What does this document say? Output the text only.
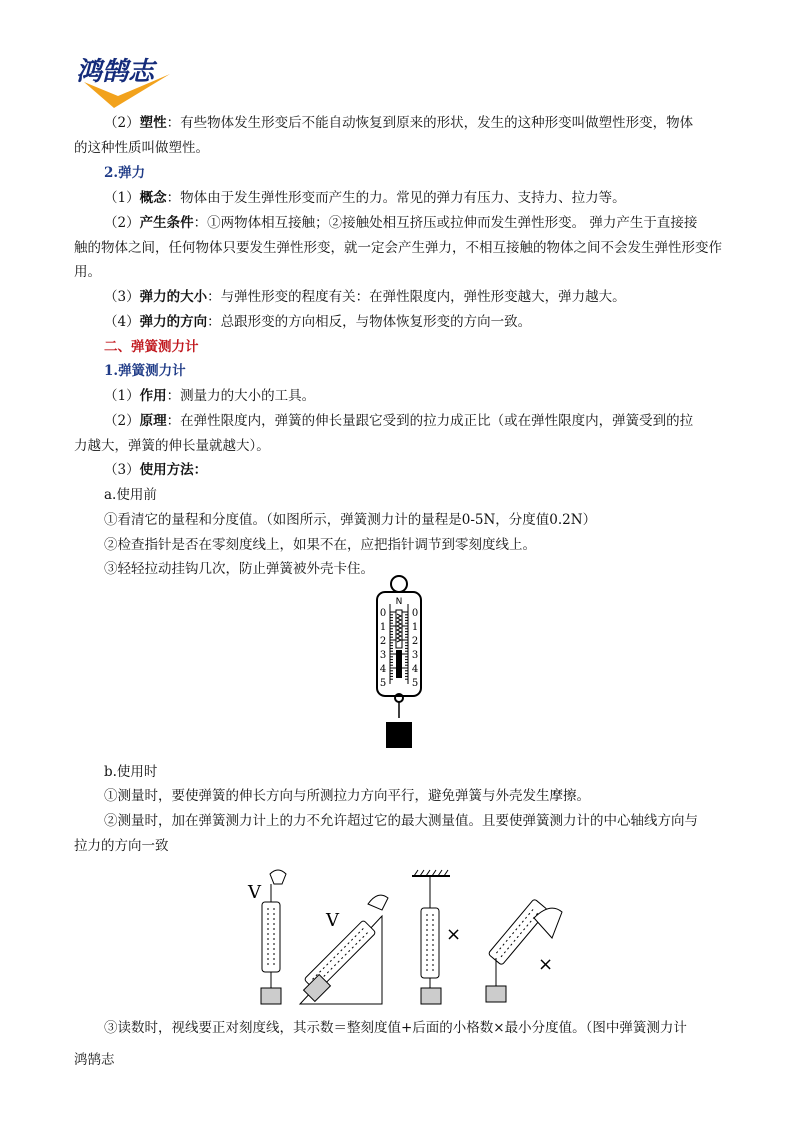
鸿鹄志
（2）塑性：有些物体发生形变后不能自动恢复到原来的形状，发生的这种形变叫做塑性形变，物体
的这种性质叫做塑性。
2.弹力
（1）概念：物体由于发生弹性形变而产生的力。常见的弹力有压力、支持力、拉力等。
（2）产生条件：①两物体相互接触；②接触处相互挤压或拉伸而发生弹性形变。 弹力产生于直接接
触的物体之间，任何物体只要发生弹性形变，就一定会产生弹力，不相互接触的物体之间不会发生弹性形变作
用。
（3）弹力的大小：与弹性形变的程度有关：在弹性限度内，弹性形变越大，弹力越大。
（4）弹力的方向：总跟形变的方向相反，与物体恢复形变的方向一致。
二、弹簧测力计
1.弹簧测力计
（1）作用：测量力的大小的工具。
（2）原理：在弹性限度内，弹簧的伸长量跟它受到的拉力成正比（或在弹性限度内，弹簧受到的拉
力越大，弹簧的伸长量就越大）。
（3）使用方法：
a.使用前
①看清它的量程和分度值。（如图所示，弹簧测力计的量程是0-5N，分度值0.2N）
②检查指针是否在零刻度线上，如果不在，应把指针调节到零刻度线上。
③轻轻拉动挂钩几次，防止弹簧被外壳卡住。
N
0	0
1	1
2	2
3	3
4	4
5	5
b.使用时
①测量时，要使弹簧的伸长方向与所测拉力方向平行，避免弹簧与外壳发生摩擦。
②测量时，加在弹簧测力计上的力不允许超过它的最大测量值。且要使弹簧测力计的中心轴线方向与
拉力的方向一致
V
V
×
×
③读数时，视线要正对刻度线，其示数＝整刻度值+后面的小格数×最小分度值。（图中弹簧测力计
鸿鹄志
